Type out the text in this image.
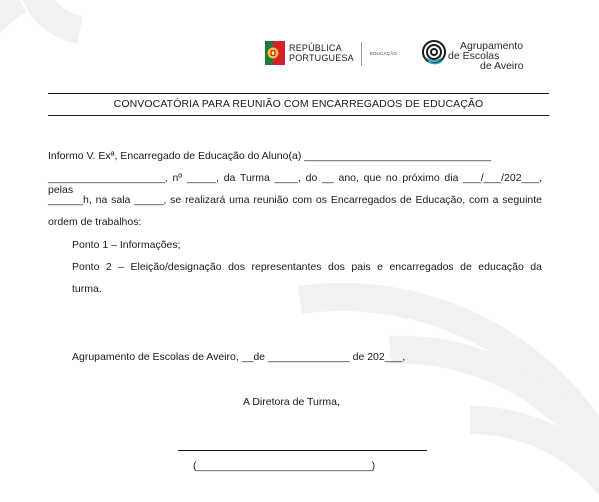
REPÚBLICA
PORTUGUESA	EDUCAÇÃO
Agrupamento
de Escolas
de Aveiro
CONVOCATÓRIA PARA REUNIÃO COM ENCARREGADOS DE EDUCAÇÃO
Informo V. Exª, Encarregado de Educação do Aluno(a) ________________________________
____________________, nº _____, da Turma ____, do __ ano, que no próximo dia ___/___/202___, pelas
______h, na sala _____, se realizará uma reunião com os Encarregados de Educação, com a seguinte
ordem de trabalhos:
Ponto 1 – Informações;
Ponto 2 – Eleição/designação dos representantes dos pais e encarregados de educação da
turma.
Agrupamento de Escolas de Aveiro, __de ______________ de 202___,
A Diretora de Turma,
(______________________________)
